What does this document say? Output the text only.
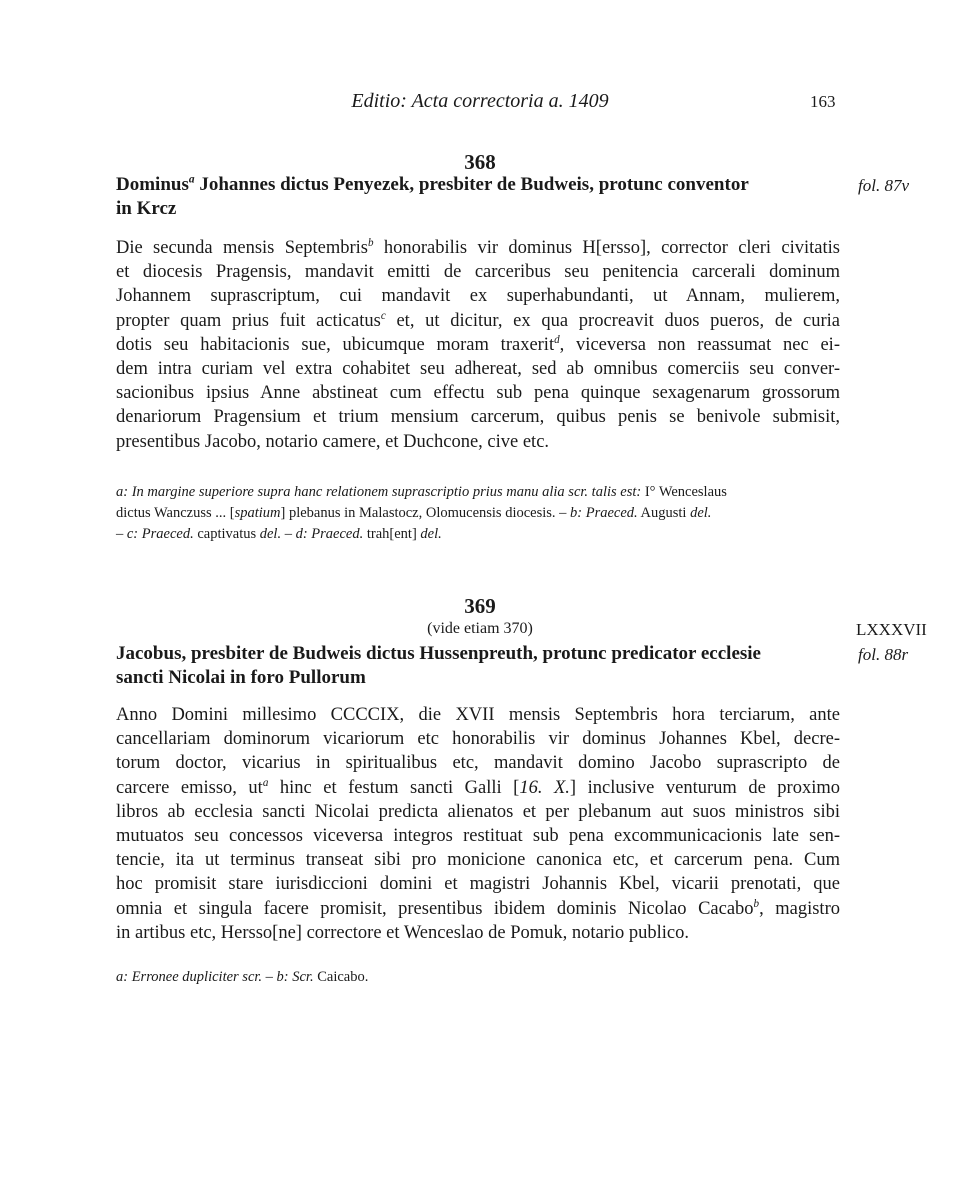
Editio: Acta correctoria a. 1409	163
368
Dominus$^a$ Johannes dictus Penyezek, presbiter de Budweis, protunc conventor
in Krcz
fol. 87v
Die secunda mensis Septembris$^b$ honorabilis vir dominus H[ersso], corrector cleri civitatis
et diocesis Pragensis, mandavit emitti de carceribus seu penitencia carcerali dominum
Johannem suprascriptum, cui mandavit ex superhabundanti, ut Annam, mulierem,
propter quam prius fuit acticatus$^c$ et, ut dicitur, ex qua procreavit duos pueros, de curia
dotis seu habitacionis sue, ubicumque moram traxerit$^d$, viceversa non reassumat nec ei-
dem intra curiam vel extra cohabitet seu adhereat, sed ab omnibus comerciis seu conver-
sacionibus ipsius Anne abstineat cum effectu sub pena quinque sexagenarum grossorum
denariorum Pragensium et trium mensium carcerum, quibus penis se benivole submisit,
presentibus Jacobo, notario camere, et Duchcone, cive etc.
a: In margine superiore supra hanc relationem suprascriptio prius manu alia scr. talis est: I° Wenceslaus
dictus Wanczuss ... [spatium] plebanus in Malastocz, Olomucensis diocesis. – b: Praeced. Augusti del.
– c: Praeced. captivatus del. – d: Praeced. trah[ent] del.
369
(vide etiam 370)	LXXXVII
Jacobus, presbiter de Budweis dictus Hussenpreuth, protunc predicator ecclesie
sancti Nicolai in foro Pullorum
fol. 88r
Anno Domini millesimo CCCCIX, die XVII mensis Septembris hora terciarum, ante
cancellariam dominorum vicariorum etc honorabilis vir dominus Johannes Kbel, decre-
torum doctor, vicarius in spiritualibus etc, mandavit domino Jacobo suprascripto de
carcere emisso, $ut^a$ hinc et festum sancti Galli [16. X.] inclusive venturum de proximo
libros ab ecclesia sancti Nicolai predicta alienatos et per plebanum aut suos ministros sibi
mutuatos seu concessos viceversa integros restituat sub pena excommunicacionis late sen-
tencie, ita ut terminus transeat sibi pro monicione canonica etc, et carcerum pena. Cum
hoc promisit stare iurisdiccioni domini et magistri Johannis Kbel, vicarii prenotati, que
omnia et singula facere promisit, presentibus ibidem dominis Nicolao Cacabo$^b$, magistro
in artibus etc, Hersso[ne] correctore et Wenceslao de Pomuk, notario publico.
a: Erronee dupliciter scr. – b: Scr. Caicabo.
